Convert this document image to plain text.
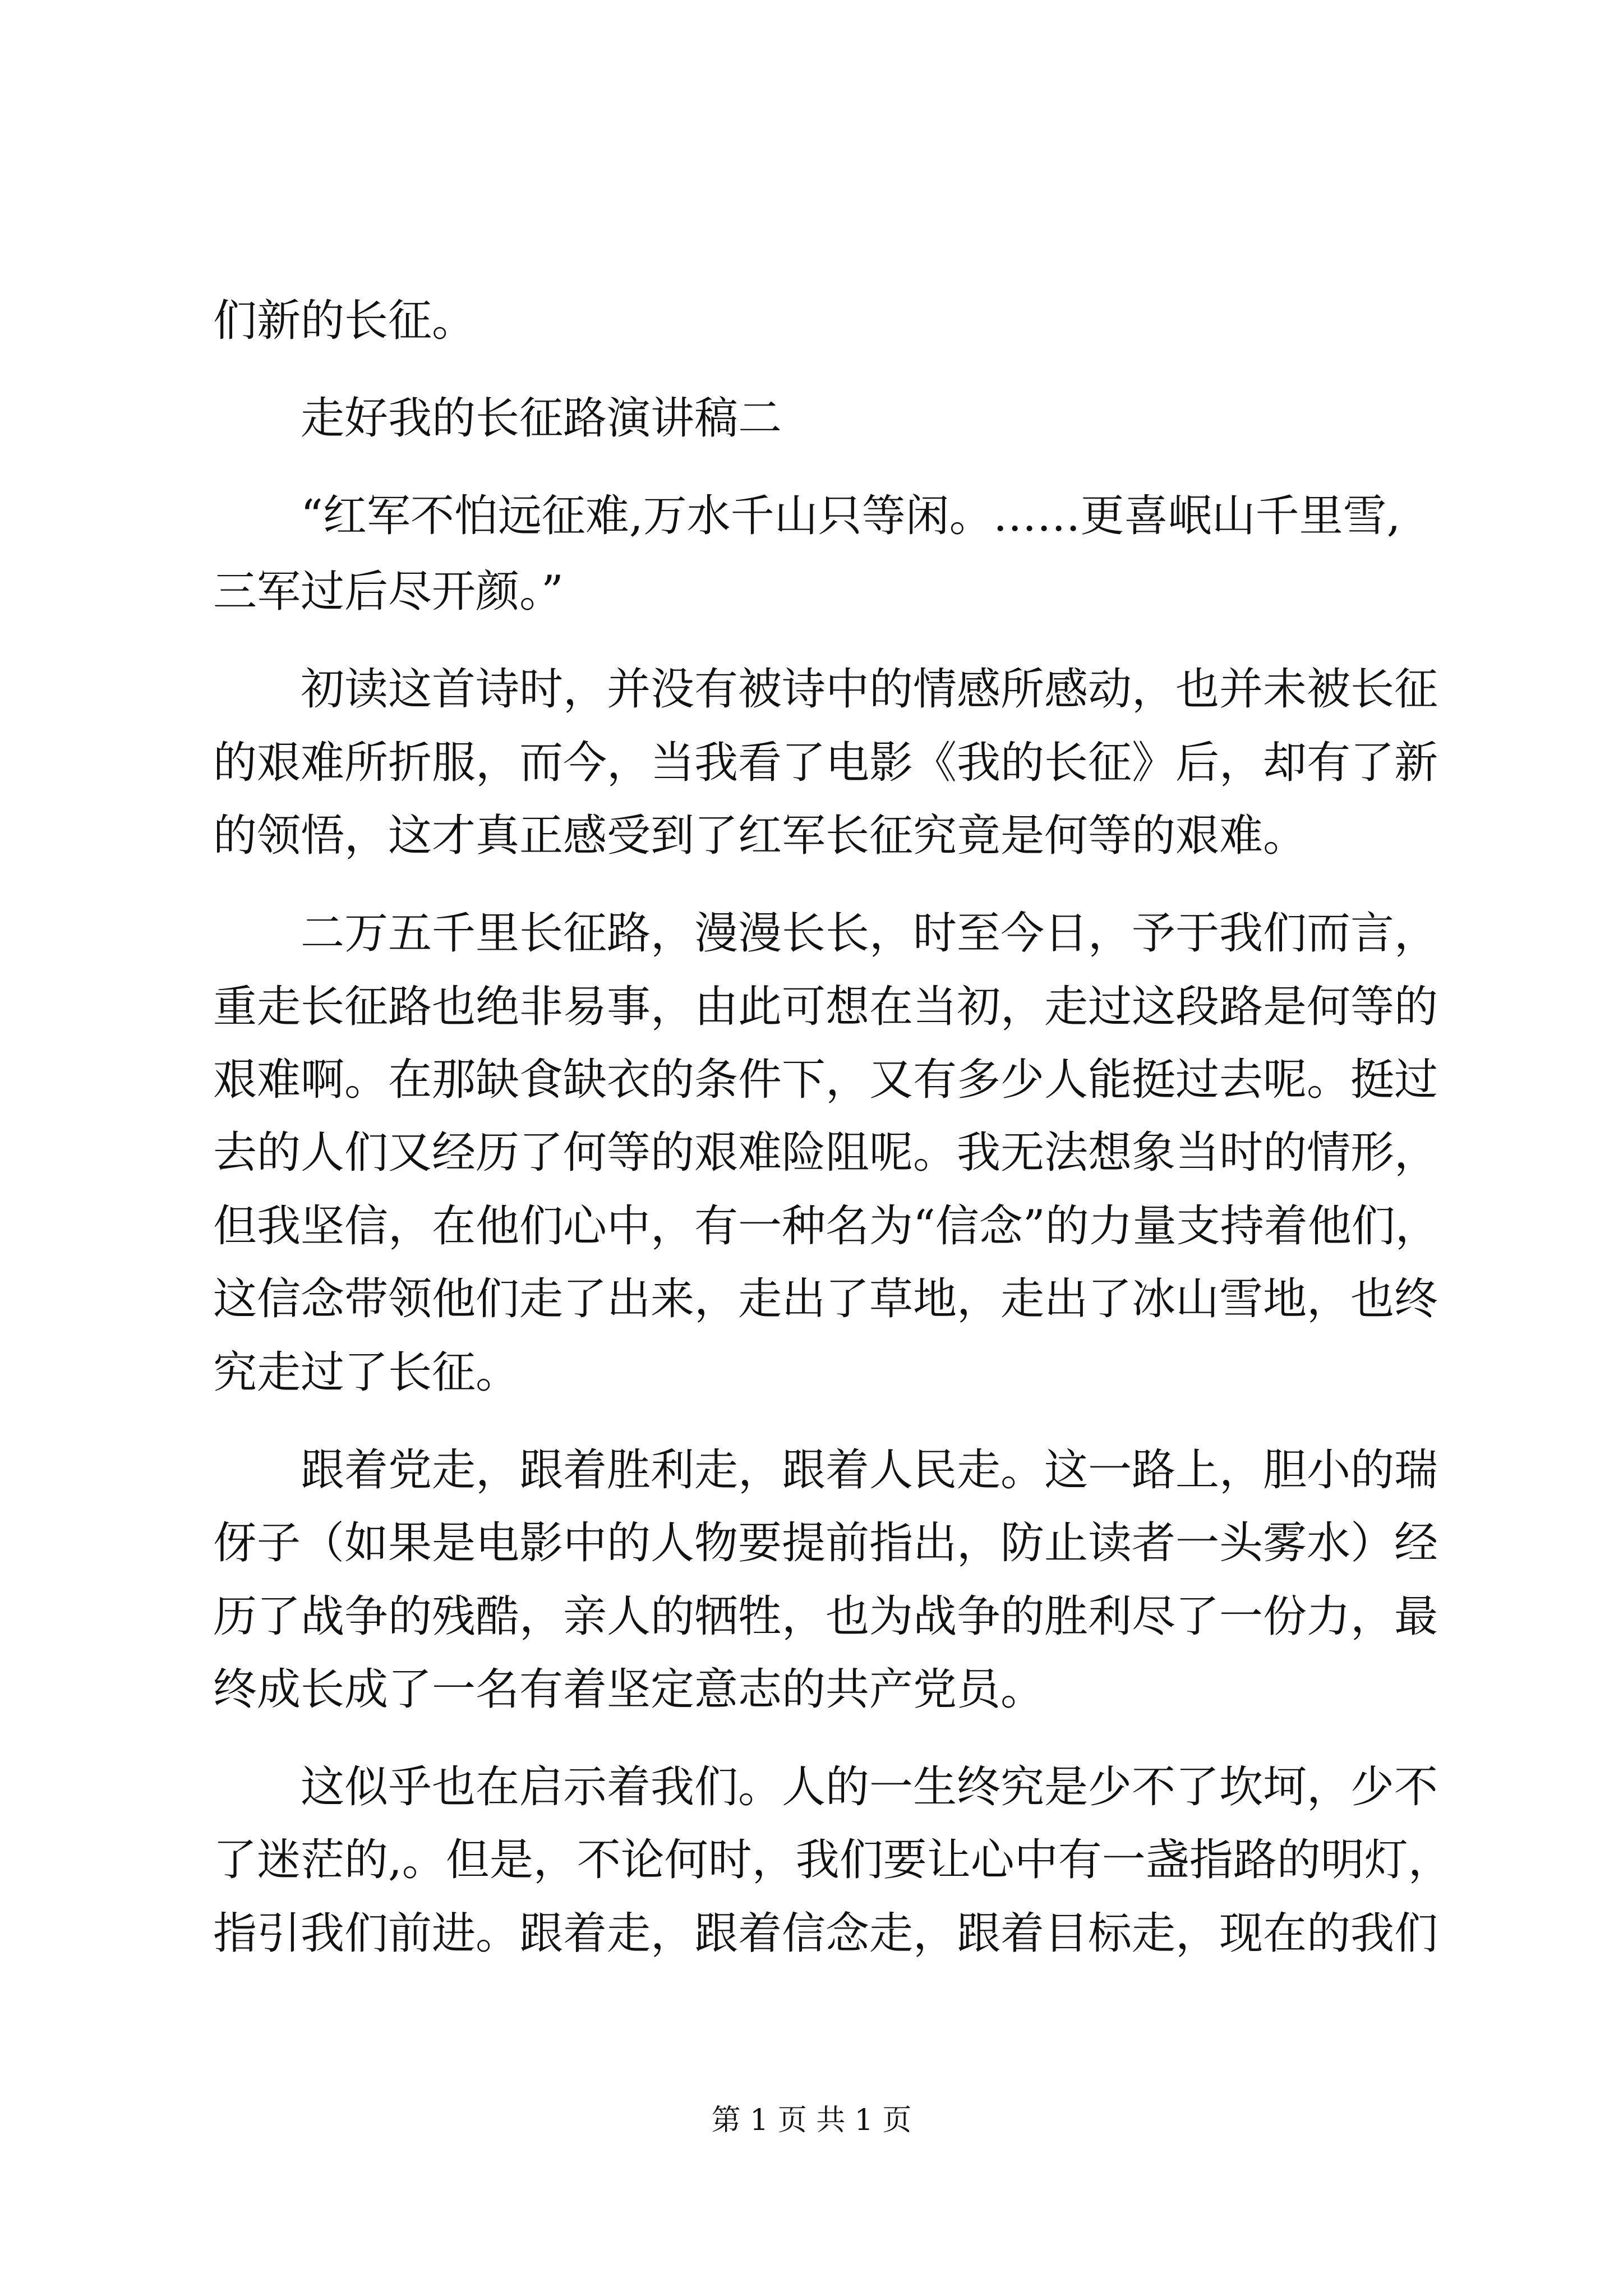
们新的长征。
　　走好我的长征路演讲稿二
　　“红军不怕远征难,万水千山只等闲。……更喜岷山千里雪,
三军过后尽开颜。”
　　初读这首诗时，并没有被诗中的情感所感动，也并未被长征
的艰难所折服，而今，当我看了电影《我的长征》后，却有了新
的领悟，这才真正感受到了红军长征究竟是何等的艰难。
　　二万五千里长征路，漫漫长长，时至今日，予于我们而言，
重走长征路也绝非易事，由此可想在当初，走过这段路是何等的
艰难啊。在那缺食缺衣的条件下，又有多少人能挺过去呢。挺过
去的人们又经历了何等的艰难险阻呢。我无法想象当时的情形，
但我坚信，在他们心中，有一种名为“信念”的力量支持着他们，
这信念带领他们走了出来，走出了草地，走出了冰山雪地，也终
究走过了长征。
　　跟着党走，跟着胜利走，跟着人民走。这一路上，胆小的瑞
伢子（如果是电影中的人物要提前指出，防止读者一头雾水）经
历了战争的残酷，亲人的牺牲，也为战争的胜利尽了一份力，最
终成长成了一名有着坚定意志的共产党员。
　　这似乎也在启示着我们。人的一生终究是少不了坎坷，少不
了迷茫的,。但是，不论何时，我们要让心中有一盏指路的明灯，
指引我们前进。跟着走，跟着信念走，跟着目标走，现在的我们
第 1 页 共 1 页
